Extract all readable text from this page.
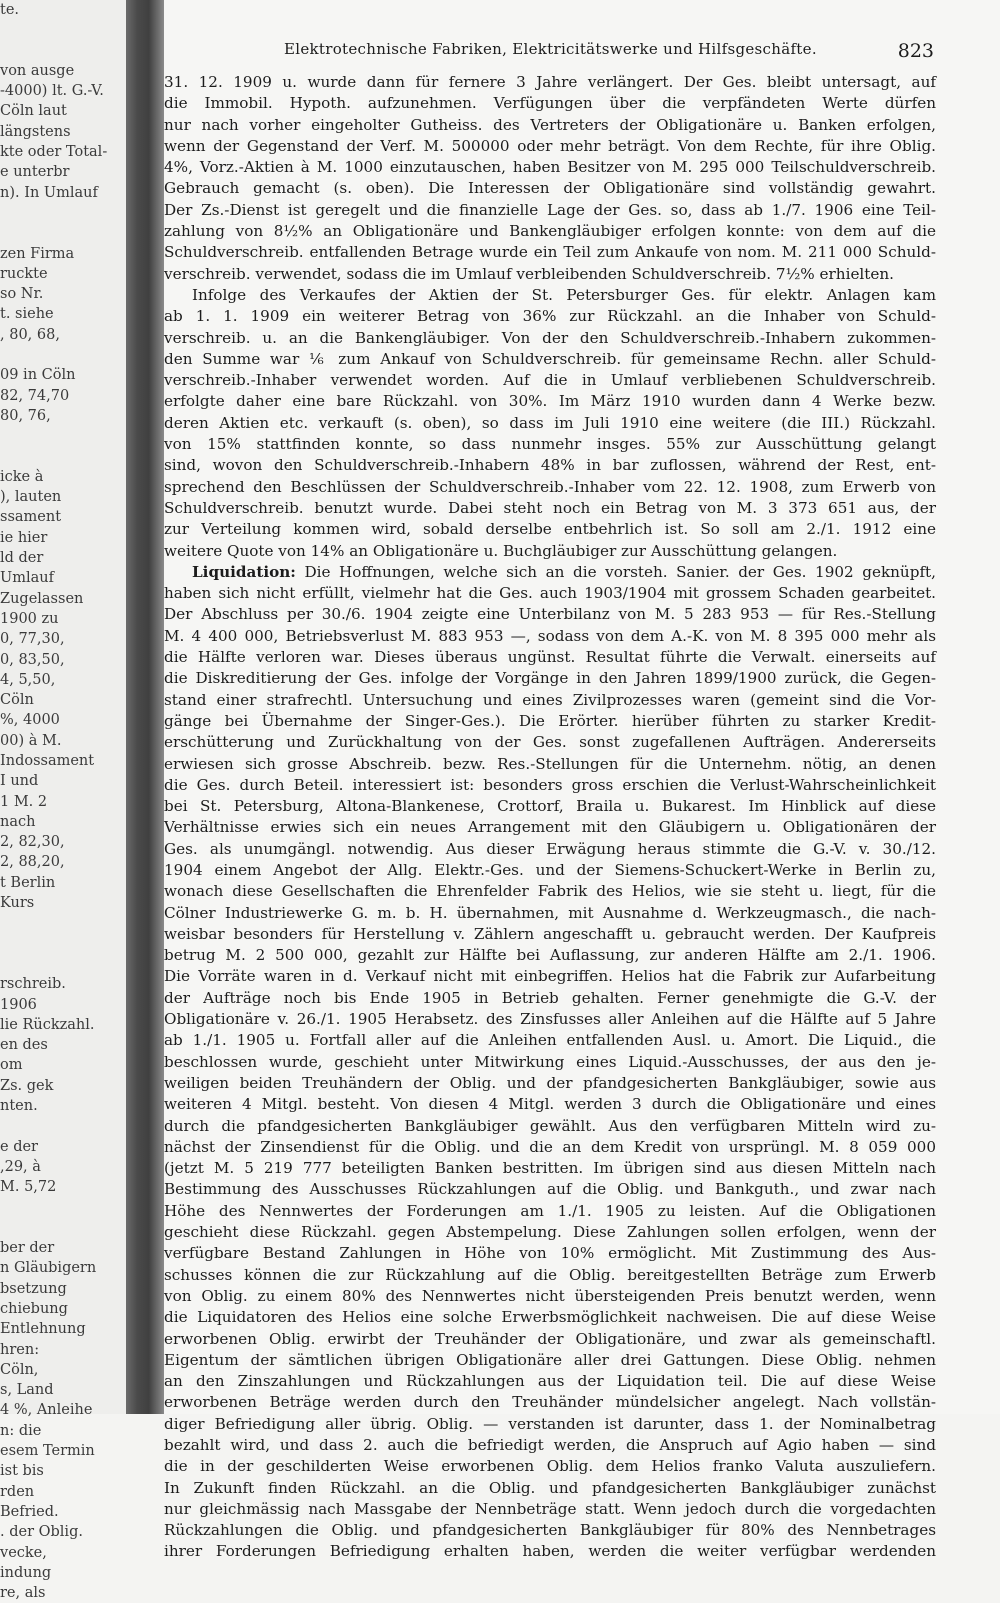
te.
von ausge
-4000) lt. G.-V.
Cöln laut
längstens
kte oder Total-
e unterbr
n). In Umlauf
zen Firma
ruckte
so Nr.
t. siehe
, 80, 68,
09 in Cöln
82, 74,70
80, 76,
icke à
), lauten
ssament
ie hier
ld der
Umlauf
Zugelassen
1900 zu
0, 77,30,
0, 83,50,
4, 5,50,
Cöln
%, 4000
00) à M.
Indossament
I und
1 M. 2
nach
2, 82,30,
2, 88,20,
t Berlin
Kurs
rschreib.
1906
lie Rückzahl.
en des
om
Zs. gek
nten.
e der
,29, à
M. 5,72
ber der
n Gläubigern
bsetzung
chiebung
Entlehnung
hren:
Cöln,
s, Land
4 %, Anleihe
n: die
esem Termin
ist bis
rden
Befried.
. der Oblig.
vecke,
indung
re, als
Elektrotechnische Fabriken, Elektricitätswerke und Hilfsgeschäfte.	823
31. 12. 1909 u. wurde dann für fernere 3 Jahre verlängert. Der Ges. bleibt untersagt, auf
die Immobil. Hypoth. aufzunehmen. Verfügungen über die verpfändeten Werte dürfen
nur nach vorher eingeholter Gutheiss. des Vertreters der Obligationäre u. Banken erfolgen,
wenn der Gegenstand der Verf. M. 500000 oder mehr beträgt. Von dem Rechte, für ihre Oblig.
4%, Vorz.-Aktien à M. 1000 einzutauschen, haben Besitzer von M. 295 000 Teilschuldverschreib.
Gebrauch gemacht (s. oben). Die Interessen der Obligationäre sind vollständig gewahrt.
Der Zs.-Dienst ist geregelt und die finanzielle Lage der Ges. so, dass ab 1./7. 1906 eine Teil-
zahlung von 8½% an Obligationäre und Bankengläubiger erfolgen konnte: von dem auf die
Schuldverschreib. entfallenden Betrage wurde ein Teil zum Ankaufe von nom. M. 211 000 Schuld-
verschreib. verwendet, sodass die im Umlauf verbleibenden Schuldverschreib. 7½% erhielten.
Infolge des Verkaufes der Aktien der St. Petersburger Ges. für elektr. Anlagen kam
ab 1. 1. 1909 ein weiterer Betrag von 36% zur Rückzahl. an die Inhaber von Schuld-
verschreib. u. an die Bankengläubiger. Von der den Schuldverschreib.-Inhabern zukommen-
den Summe war ⅙ zum Ankauf von Schuldverschreib. für gemeinsame Rechn. aller Schuld-
verschreib.-Inhaber verwendet worden. Auf die in Umlauf verbliebenen Schuldverschreib.
erfolgte daher eine bare Rückzahl. von 30%. Im März 1910 wurden dann 4 Werke bezw.
deren Aktien etc. verkauft (s. oben), so dass im Juli 1910 eine weitere (die III.) Rückzahl.
von 15% stattfinden konnte, so dass nunmehr insges. 55% zur Ausschüttung gelangt
sind, wovon den Schuldverschreib.-Inhabern 48% in bar zuflossen, während der Rest, ent-
sprechend den Beschlüssen der Schuldverschreib.-Inhaber vom 22. 12. 1908, zum Erwerb von
Schuldverschreib. benutzt wurde. Dabei steht noch ein Betrag von M. 3 373 651 aus, der
zur Verteilung kommen wird, sobald derselbe entbehrlich ist. So soll am 2./1. 1912 eine
weitere Quote von 14% an Obligationäre u. Buchgläubiger zur Ausschüttung gelangen.
Liquidation: Die Hoffnungen, welche sich an die vorsteh. Sanier. der Ges. 1902 geknüpft,
haben sich nicht erfüllt, vielmehr hat die Ges. auch 1903/1904 mit grossem Schaden gearbeitet.
Der Abschluss per 30./6. 1904 zeigte eine Unterbilanz von M. 5 283 953 — für Res.-Stellung
M. 4 400 000, Betriebsverlust M. 883 953 —, sodass von dem A.-K. von M. 8 395 000 mehr als
die Hälfte verloren war. Dieses überaus ungünst. Resultat führte die Verwalt. einerseits auf
die Diskreditierung der Ges. infolge der Vorgänge in den Jahren 1899/1900 zurück, die Gegen-
stand einer strafrechtl. Untersuchung und eines Zivilprozesses waren (gemeint sind die Vor-
gänge bei Übernahme der Singer-Ges.). Die Erörter. hierüber führten zu starker Kredit-
erschütterung und Zurückhaltung von der Ges. sonst zugefallenen Aufträgen. Andererseits
erwiesen sich grosse Abschreib. bezw. Res.-Stellungen für die Unternehm. nötig, an denen
die Ges. durch Beteil. interessiert ist: besonders gross erschien die Verlust-Wahrscheinlichkeit
bei St. Petersburg, Altona-Blankenese, Crottorf, Braila u. Bukarest. Im Hinblick auf diese
Verhältnisse erwies sich ein neues Arrangement mit den Gläubigern u. Obligationären der
Ges. als unumgängl. notwendig. Aus dieser Erwägung heraus stimmte die G.-V. v. 30./12.
1904 einem Angebot der Allg. Elektr.-Ges. und der Siemens-Schuckert-Werke in Berlin zu,
wonach diese Gesellschaften die Ehrenfelder Fabrik des Helios, wie sie steht u. liegt, für die
Cölner Industriewerke G. m. b. H. übernahmen, mit Ausnahme d. Werkzeugmasch., die nach-
weisbar besonders für Herstellung v. Zählern angeschafft u. gebraucht werden. Der Kaufpreis
betrug M. 2 500 000, gezahlt zur Hälfte bei Auflassung, zur anderen Hälfte am 2./1. 1906.
Die Vorräte waren in d. Verkauf nicht mit einbegriffen. Helios hat die Fabrik zur Aufarbeitung
der Aufträge noch bis Ende 1905 in Betrieb gehalten. Ferner genehmigte die G.-V. der
Obligationäre v. 26./1. 1905 Herabsetz. des Zinsfusses aller Anleihen auf die Hälfte auf 5 Jahre
ab 1./1. 1905 u. Fortfall aller auf die Anleihen entfallenden Ausl. u. Amort. Die Liquid., die
beschlossen wurde, geschieht unter Mitwirkung eines Liquid.-Ausschusses, der aus den je-
weiligen beiden Treuhändern der Oblig. und der pfandgesicherten Bankgläubiger, sowie aus
weiteren 4 Mitgl. besteht. Von diesen 4 Mitgl. werden 3 durch die Obligationäre und eines
durch die pfandgesicherten Bankgläubiger gewählt. Aus den verfügbaren Mitteln wird zu-
nächst der Zinsendienst für die Oblig. und die an dem Kredit von ursprüngl. M. 8 059 000
(jetzt M. 5 219 777 beteiligten Banken bestritten. Im übrigen sind aus diesen Mitteln nach
Bestimmung des Ausschusses Rückzahlungen auf die Oblig. und Bankguth., und zwar nach
Höhe des Nennwertes der Forderungen am 1./1. 1905 zu leisten. Auf die Obligationen
geschieht diese Rückzahl. gegen Abstempelung. Diese Zahlungen sollen erfolgen, wenn der
verfügbare Bestand Zahlungen in Höhe von 10% ermöglicht. Mit Zustimmung des Aus-
schusses können die zur Rückzahlung auf die Oblig. bereitgestellten Beträge zum Erwerb
von Oblig. zu einem 80% des Nennwertes nicht übersteigenden Preis benutzt werden, wenn
die Liquidatoren des Helios eine solche Erwerbsmöglichkeit nachweisen. Die auf diese Weise
erworbenen Oblig. erwirbt der Treuhänder der Obligationäre, und zwar als gemeinschaftl.
Eigentum der sämtlichen übrigen Obligationäre aller drei Gattungen. Diese Oblig. nehmen
an den Zinszahlungen und Rückzahlungen aus der Liquidation teil. Die auf diese Weise
erworbenen Beträge werden durch den Treuhänder mündelsicher angelegt. Nach vollstän-
diger Befriedigung aller übrig. Oblig. — verstanden ist darunter, dass 1. der Nominalbetrag
bezahlt wird, und dass 2. auch die befriedigt werden, die Anspruch auf Agio haben — sind
die in der geschilderten Weise erworbenen Oblig. dem Helios franko Valuta auszuliefern.
In Zukunft finden Rückzahl. an die Oblig. und pfandgesicherten Bankgläubiger zunächst
nur gleichmässig nach Massgabe der Nennbeträge statt. Wenn jedoch durch die vorgedachten
Rückzahlungen die Oblig. und pfandgesicherten Bankgläubiger für 80% des Nennbetrages
ihrer Forderungen Befriedigung erhalten haben, werden die weiter verfügbar werdenden
